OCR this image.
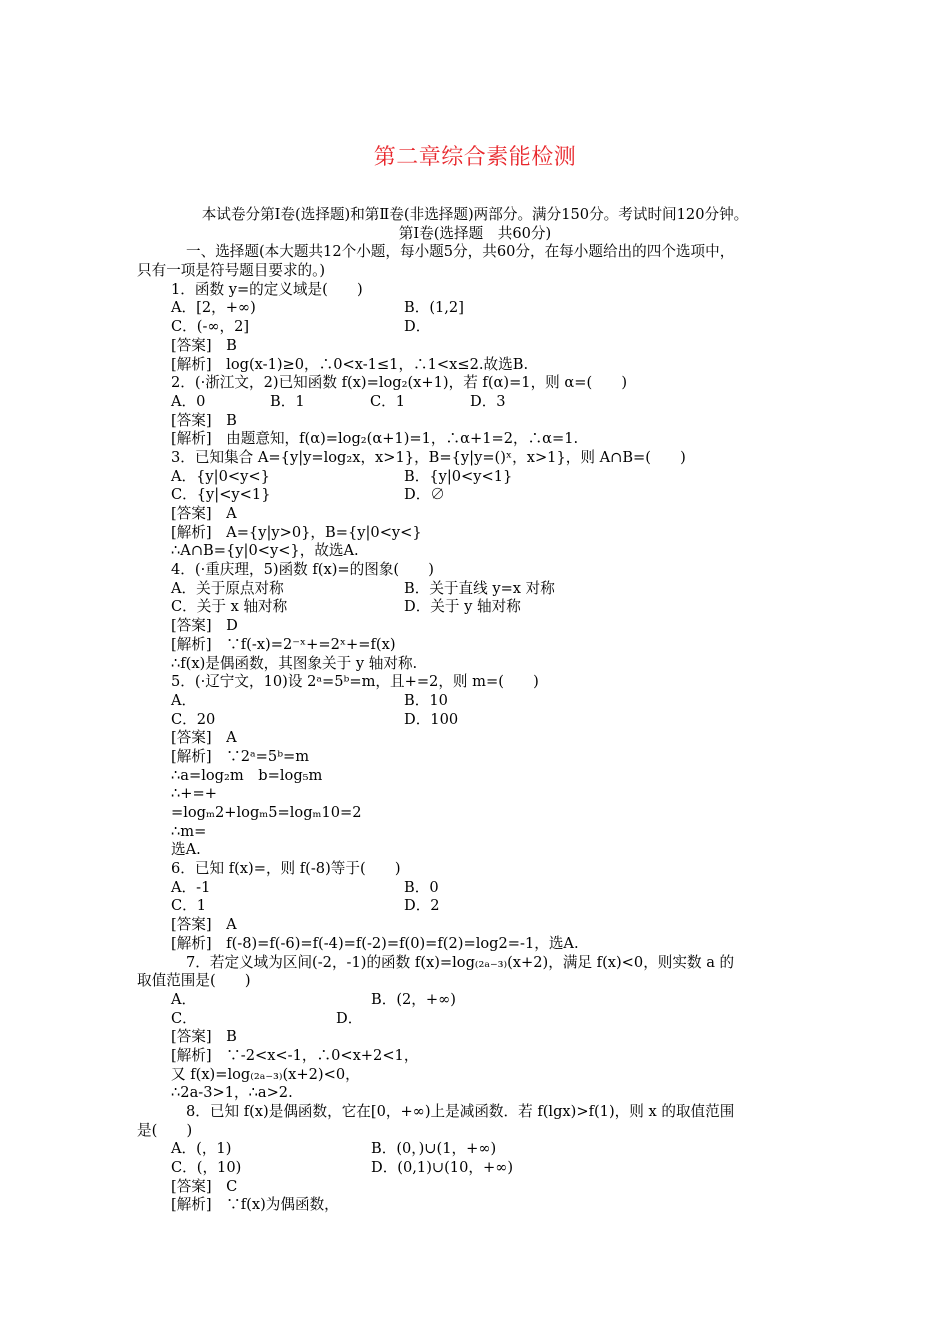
第二章综合素能检测
本试卷分第Ⅰ卷(选择题)和第Ⅱ卷(非选择题)两部分。满分150分。考试时间120分钟。
第Ⅰ卷(选择题　共60分)
一、选择题(本大题共12个小题，每小题5分，共60分，在每小题给出的四个选项中，
只有一项是符号题目要求的。)
1．函数 y=的定义域是(　　)
A．[2，+∞)	B．(1,2]
C．(-∞，2]	D．
[答案]　B
[解析]　log(x-1)≥0，∴0<x-1≤1，∴1<x≤2.故选B.
2．(·浙江文，2)已知函数 f(x)=log₂(x+1)，若 f(α)=1，则 α=(　　)
A．0	B．1	C．1	D．3
[答案]　B
[解析]　由题意知，f(α)=log₂(α+1)=1，∴α+1=2，∴α=1.
3．已知集合 A={y|y=log₂x，x>1}，B={y|y=()ˣ，x>1}，则 A∩B=(　　)
A．{y|0<y<}	B．{y|0<y<1}
C．{y|<y<1}	D．∅
[答案]　A
[解析]　A={y|y>0}，B={y|0<y<}
∴A∩B={y|0<y<}，故选A.
4．(·重庆理，5)函数 f(x)=的图象(　　)
A．关于原点对称	B．关于直线 y=x 对称
C．关于 x 轴对称	D．关于 y 轴对称
[答案]　D
[解析]　∵f(-x)=2⁻ˣ+=2ˣ+=f(x)
∴f(x)是偶函数，其图象关于 y 轴对称.
5．(·辽宁文，10)设 2ᵃ=5ᵇ=m，且+=2，则 m=(　　)
A．	B．10
C．20	D．100
[答案]　A
[解析]　∵2ᵃ=5ᵇ=m
∴a=log₂m　b=log₅m
∴+=+
=logₘ2+logₘ5=logₘ10=2
∴m=
选A.
6．已知 f(x)=，则 f(-8)等于(　　)
A．-1	B．0
C．1	D．2
[答案]　A
[解析]　f(-8)=f(-6)=f(-4)=f(-2)=f(0)=f(2)=log2=-1，选A.
7．若定义域为区间(-2，-1)的函数 f(x)=log₍₂ₐ₋₃₎(x+2)，满足 f(x)<0，则实数 a 的
取值范围是(　　)
A．	B．(2，+∞)
C．	D．
[答案]　B
[解析]　∵-2<x<-1，∴0<x+2<1，
又 f(x)=log₍₂ₐ₋₃₎(x+2)<0，
∴2a-3>1，∴a>2.
8．已知 f(x)是偶函数，它在[0，+∞)上是减函数．若 f(lgx)>f(1)，则 x 的取值范围
是(　　)
A．(，1)	B．(0，)∪(1，+∞)
C．(，10)	D．(0,1)∪(10，+∞)
[答案]　C
[解析]　∵f(x)为偶函数，
